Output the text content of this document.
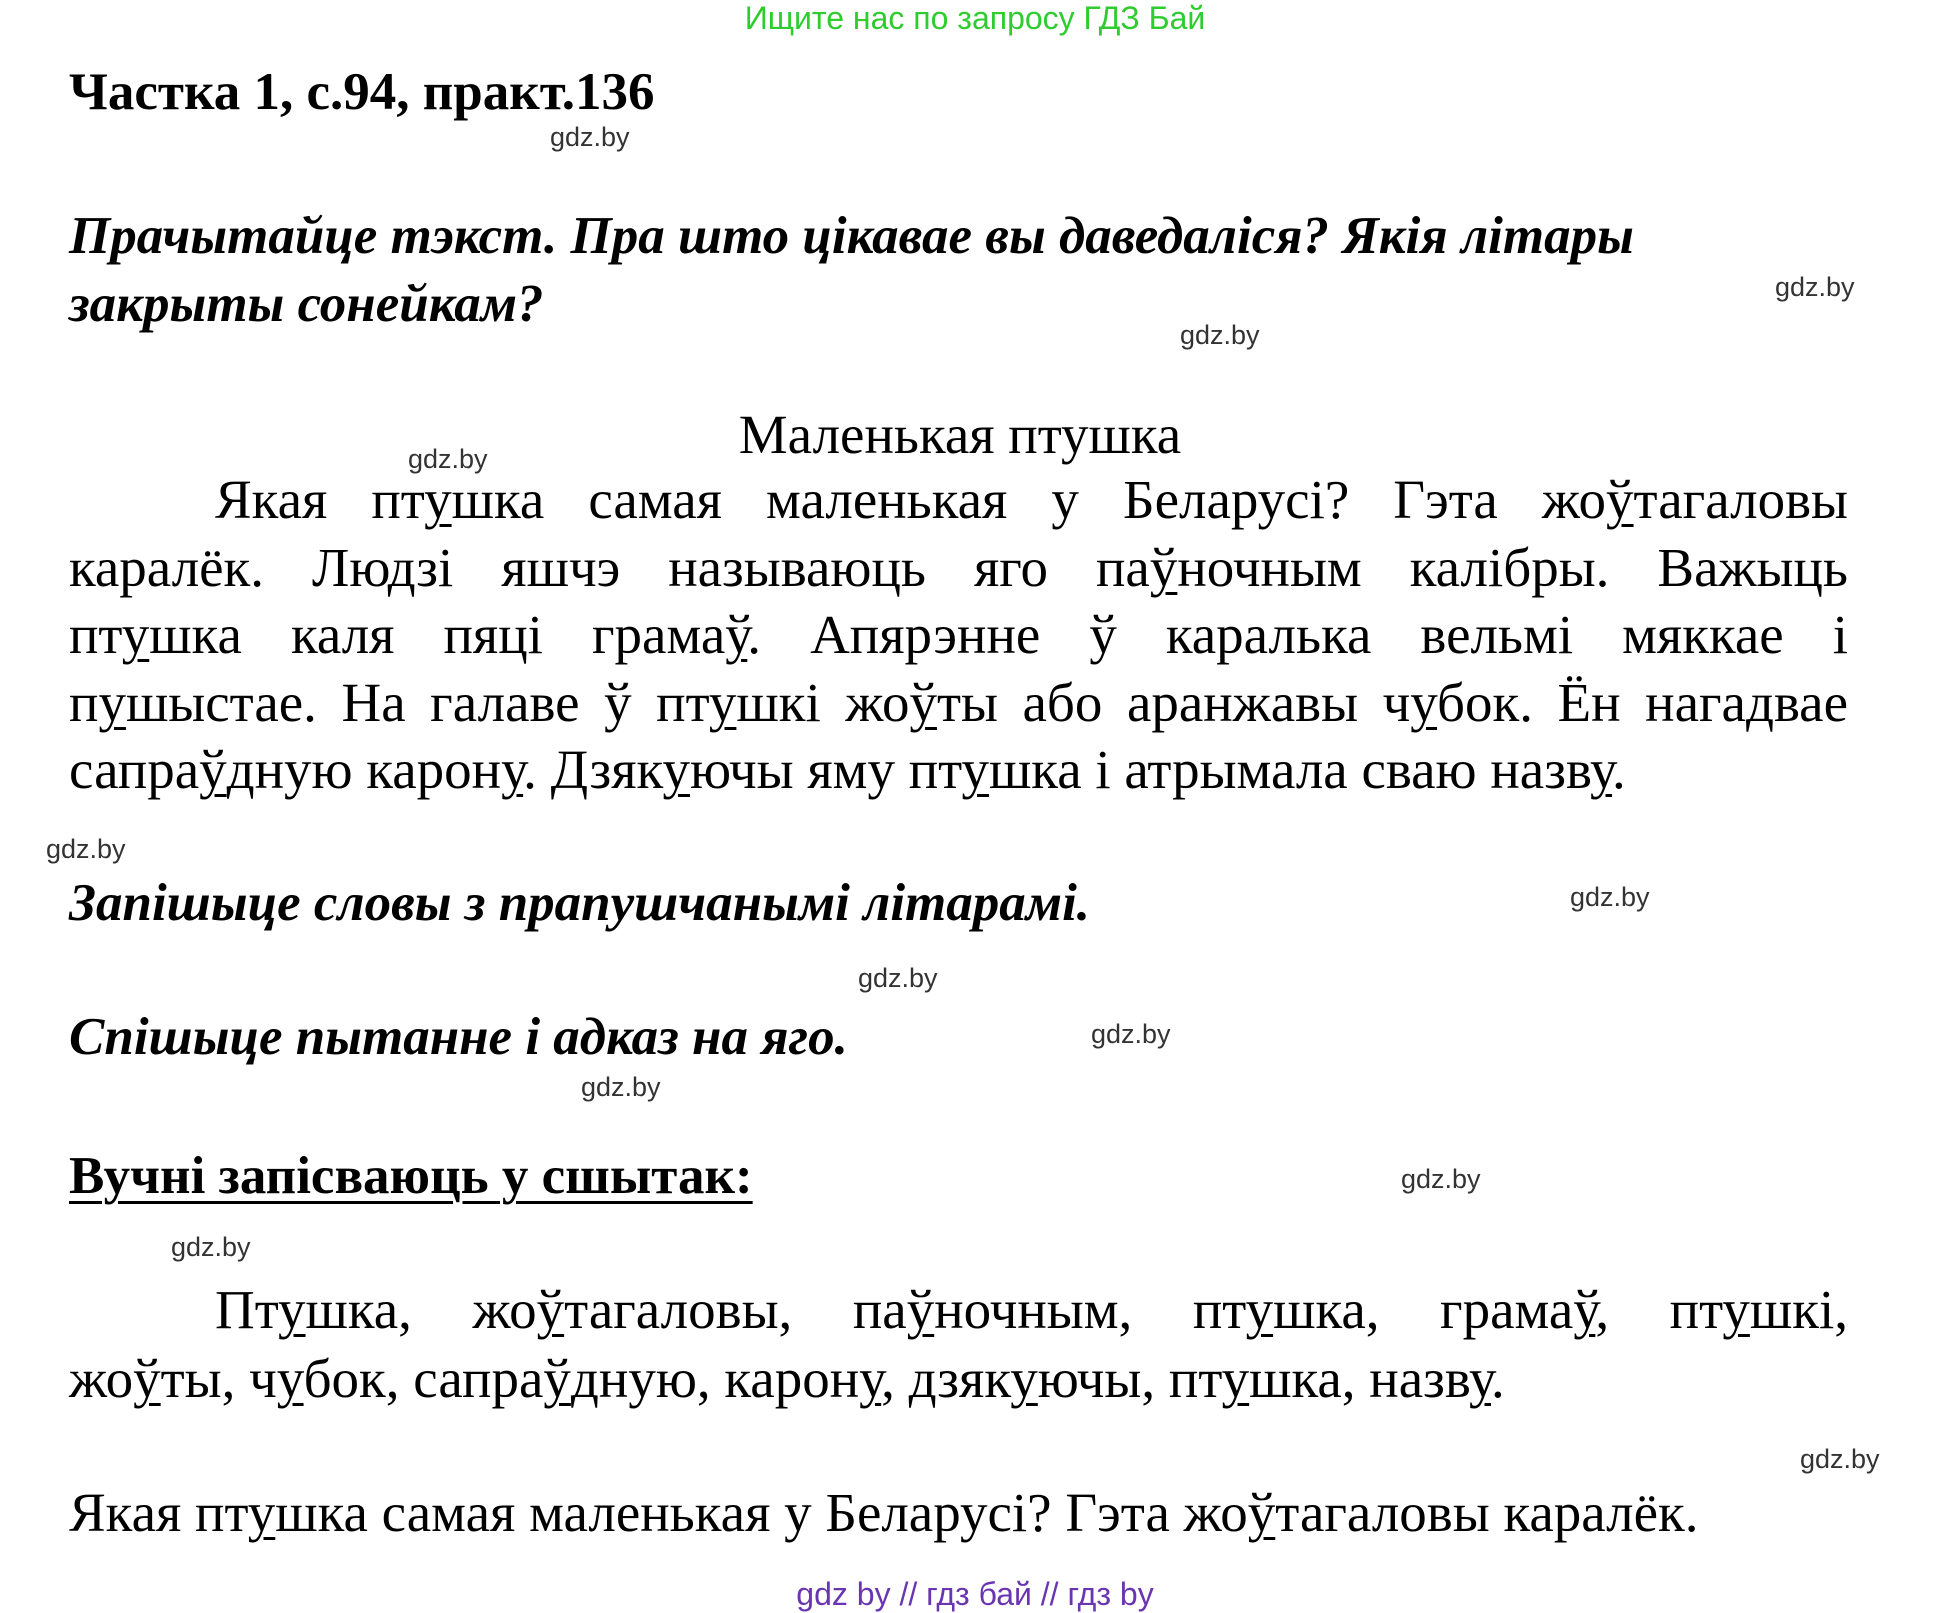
Ищите нас по запросу ГДЗ Бай
Частка 1, с.94, практ.136
Прачытайце тэкст. Пра што цікавае вы даведаліся? Якія літары
закрыты сонейкам?
Маленькая птушка
Якая птушка самая маленькая у Беларусі? Гэта жоўтагаловы
каралёк. Людзі яшчэ называюць яго паўночным калібры. Важыць
птушка каля пяці грамаў. Апярэнне ў каралька вельмі мяккае і
пушыстае. На галаве ў птушкі жоўты або аранжавы чубок. Ён нагадвае
сапраўдную карону. Дзякуючы яму птушка і атрымала сваю назву.
Запішыце словы з прапушчанымі літарамі.
Спішыце пытанне і адказ на яго.
Вучні запісваюць у сшытак:
Птушка, жоўтагаловы, паўночным, птушка, грамаў, птушкі,
жоўты, чубок, сапраўдную, карону, дзякуючы, птушка, назву.
Якая птушка самая маленькая у Беларусі? Гэта жоўтагаловы каралёк.
gdz.by
gdz.by
gdz.by
gdz.by
gdz.by
gdz.by
gdz.by
gdz.by
gdz.by
gdz.by
gdz.by
gdz.by
gdz by // гдз бай // гдз by
